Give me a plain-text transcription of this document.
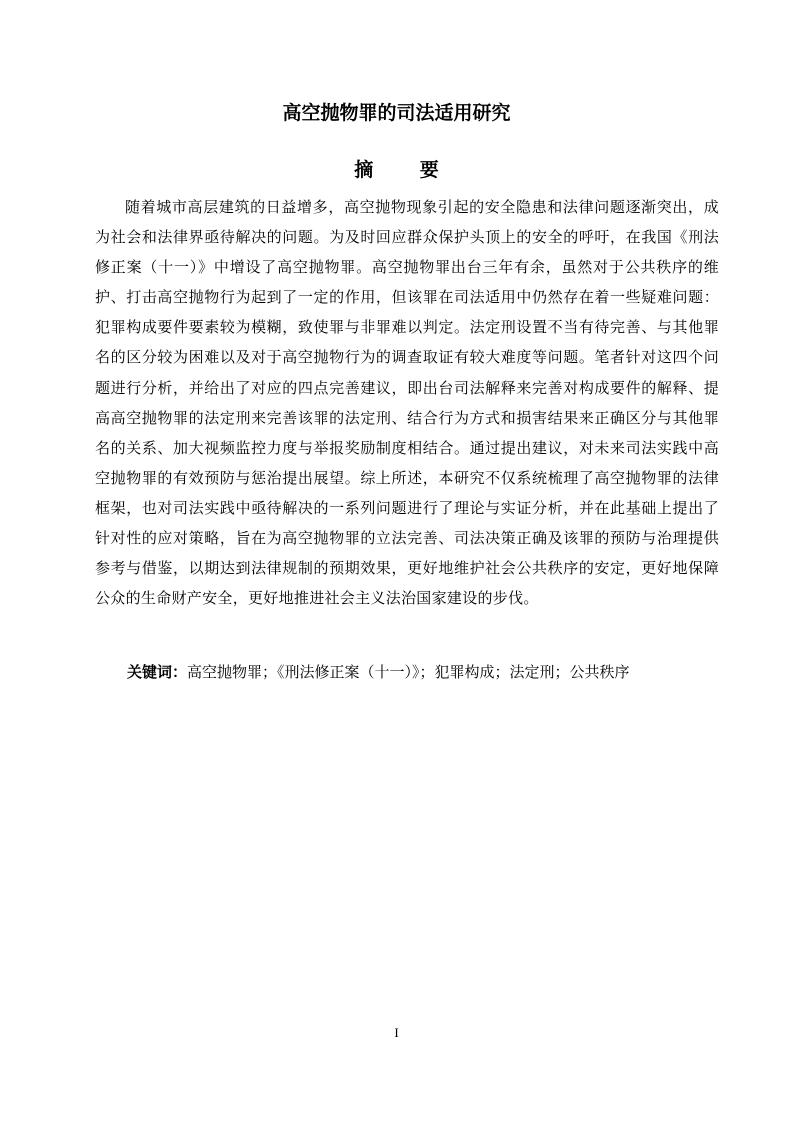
高空抛物罪的司法适用研究
摘 要

随着城市高层建筑的日益增多，高空抛物现象引起的安全隐患和法律问题逐渐突出，成为社会和法律界亟待解决的问题。为及时回应群众保护头顶上的安全的呼吁，在我国《刑法修正案（十一）》中增设了高空抛物罪。高空抛物罪出台三年有余，虽然对于公共秩序的维护、打击高空抛物行为起到了一定的作用，但该罪在司法适用中仍然存在着一些疑难问题：犯罪构成要件要素较为模糊，致使罪与非罪难以判定。法定刑设置不当有待完善、与其他罪名的区分较为困难以及对于高空抛物行为的调查取证有较大难度等问题。笔者针对这四个问题进行分析，并给出了对应的四点完善建议，即出台司法解释来完善对构成要件的解释、提高高空抛物罪的法定刑来完善该罪的法定刑、结合行为方式和损害结果来正确区分与其他罪名的关系、加大视频监控力度与举报奖励制度相结合。通过提出建议，对未来司法实践中高空抛物罪的有效预防与惩治提出展望。综上所述，本研究不仅系统梳理了高空抛物罪的法律框架，也对司法实践中亟待解决的一系列问题进行了理论与实证分析，并在此基础上提出了针对性的应对策略，旨在为高空抛物罪的立法完善、司法决策正确及该罪的预防与治理提供参考与借鉴，以期达到法律规制的预期效果，更好地维护社会公共秩序的安定，更好地保障公众的生命财产安全，更好地推进社会主义法治国家建设的步伐。

关键词：高空抛物罪；《刑法修正案（十一）》；犯罪构成；法定刑；公共秩序

I
